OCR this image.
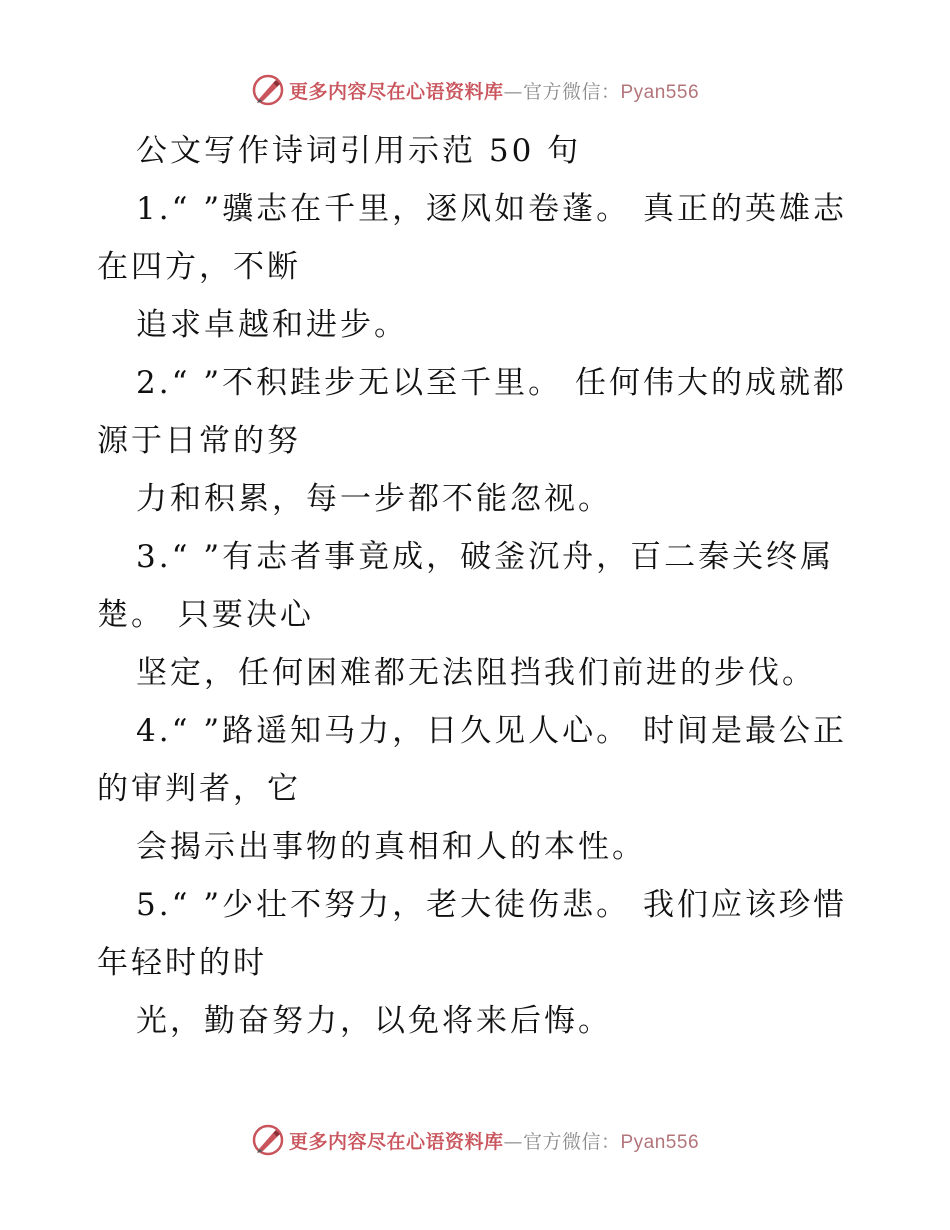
更多内容尽在心语资料库—官方微信：Pyan556

公文写作诗词引用示范 50 句

1.“ ”骥志在千里，逐风如卷蓬。 真正的英雄志在四方，不断

追求卓越和进步。

2.“ ”不积跬步无以至千里。 任何伟大的成就都源于日常的努

力和积累，每一步都不能忽视。

3.“ ”有志者事竟成，破釜沉舟，百二秦关终属楚。 只要决心

坚定，任何困难都无法阻挡我们前进的步伐。

4.“ ”路遥知马力，日久见人心。 时间是最公正的审判者，它

会揭示出事物的真相和人的本性。

5.“ ”少壮不努力，老大徒伤悲。 我们应该珍惜年轻时的时

光，勤奋努力，以免将来后悔。

更多内容尽在心语资料库—官方微信：Pyan556
